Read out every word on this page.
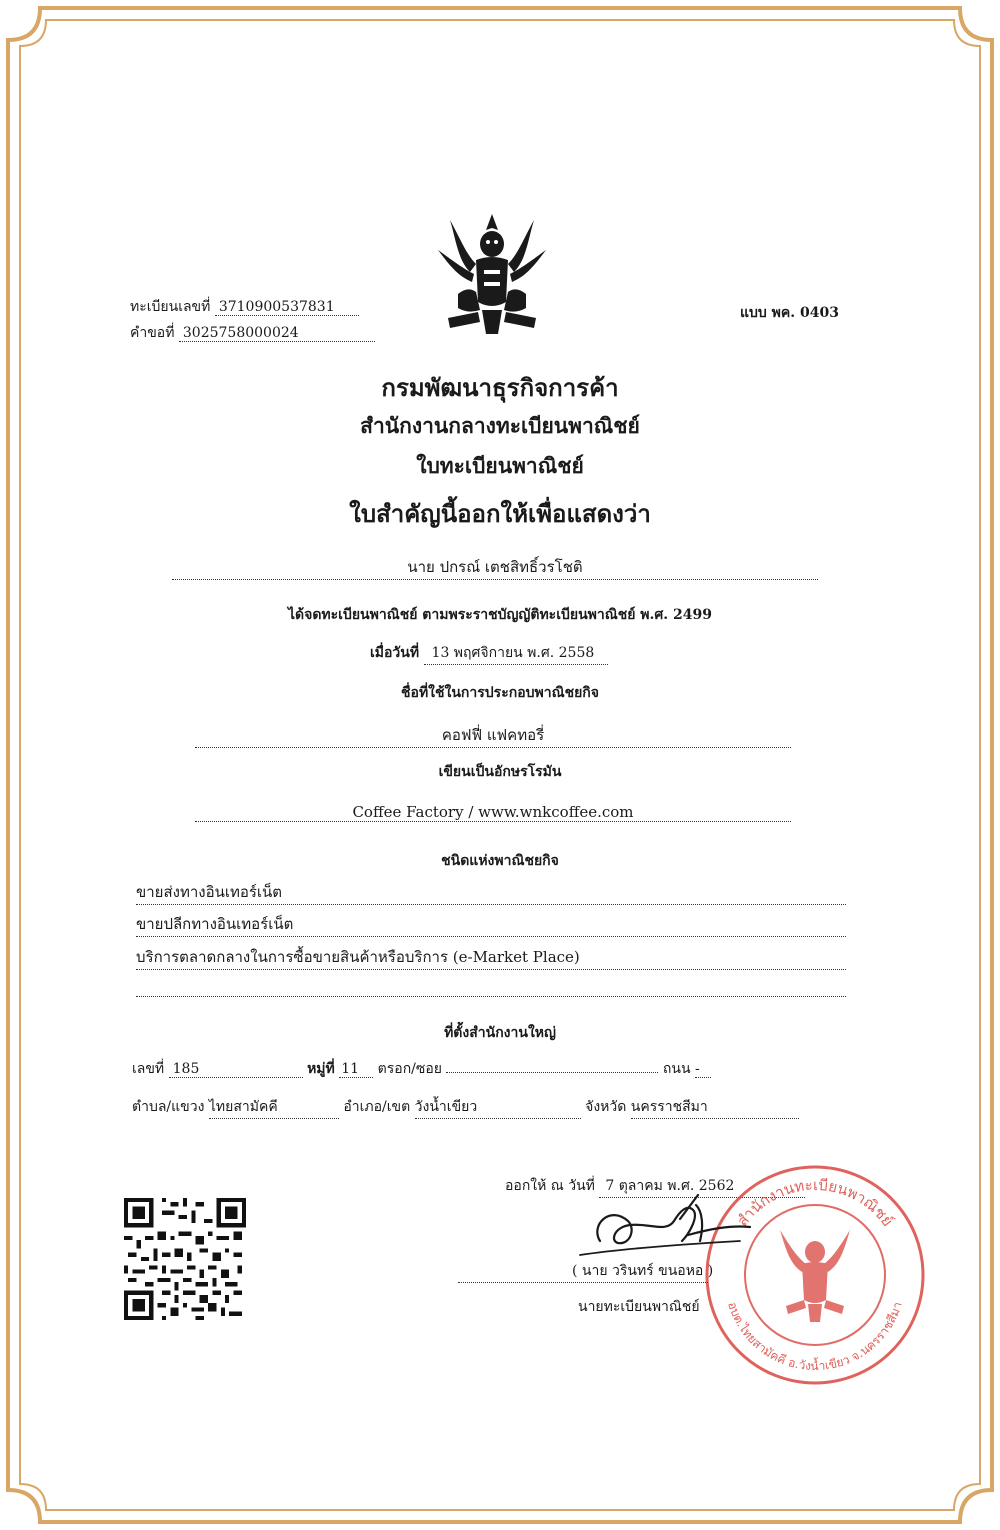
ทะเบียนเลขที่ 3710900537831
คำขอที่ 3025758000024
แบบ พค. 0403
กรมพัฒนาธุรกิจการค้า
สำนักงานกลางทะเบียนพาณิชย์
ใบทะเบียนพาณิชย์
ใบสำคัญนี้ออกให้เพื่อแสดงว่า
นาย ปกรณ์ เตชสิทธิ์วรโชติ
ได้จดทะเบียนพาณิชย์ ตามพระราชบัญญัติทะเบียนพาณิชย์ พ.ศ. 2499
เมื่อวันที่ 13 พฤศจิกายน พ.ศ. 2558
ชื่อที่ใช้ในการประกอบพาณิชยกิจ
คอฟฟี่ แฟคทอรี่
เขียนเป็นอักษรโรมัน
Coffee Factory / www.wnkcoffee.com
ชนิดแห่งพาณิชยกิจ
ขายส่งทางอินเทอร์เน็ต
ขายปลีกทางอินเทอร์เน็ต
บริการตลาดกลางในการซื้อขายสินค้าหรือบริการ (e-Market Place)
ที่ตั้งสำนักงานใหญ่
เลขที่ 185	หมู่ที่ 11 ตรอก/ซอย	ถนน -
ตำบล/แขวง ไทยสามัคคี	อำเภอ/เขต วังน้ำเขียว	จังหวัด นครราชสีมา
ออกให้ ณ วันที่ 7 ตุลาคม พ.ศ. 2562
สำนักงานทะเบียนพาณิชย์
อบต.ไทยสามัคคี อ.วังน้ำเขียว จ.นครราชสีมา
( นาย วรินทร์ ขนอหอ )
นายทะเบียนพาณิชย์
